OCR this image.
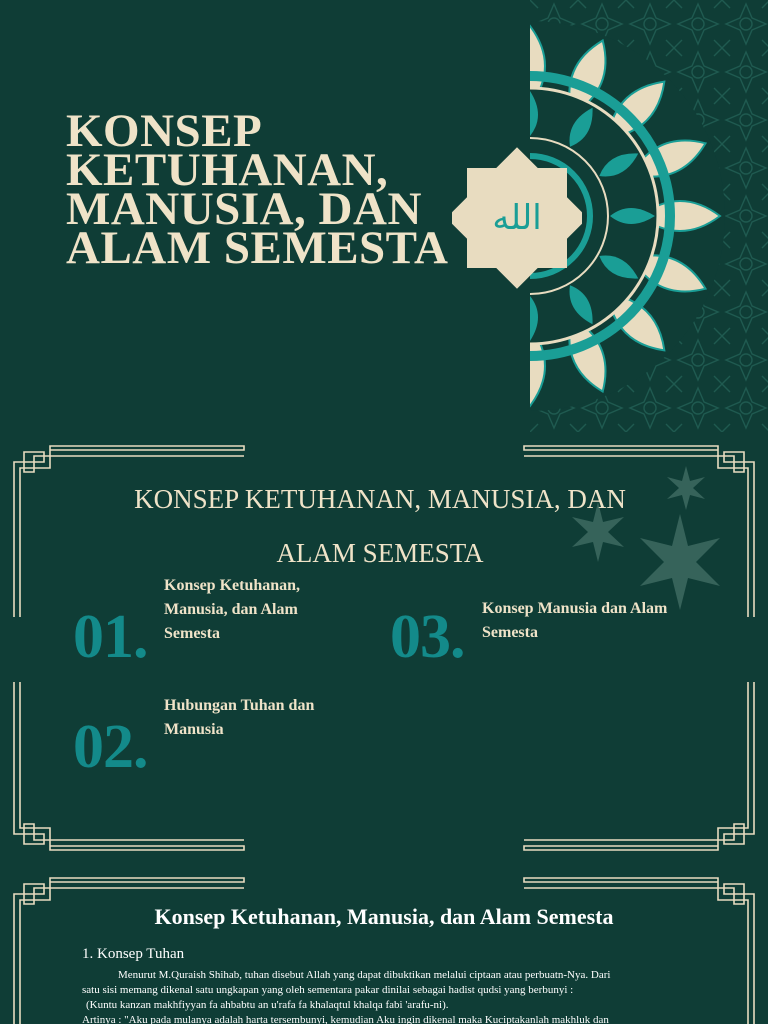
KONSEP
KETUHANAN,
MANUSIA, DAN
ALAM SEMESTA
الله
KONSEP KETUHANAN, MANUSIA, DAN
ALAM SEMESTA
01.
Konsep Ketuhanan, Manusia, dan Alam Semesta
02.
Hubungan Tuhan dan Manusia
03. Konsep Manusia dan Alam Semesta
Konsep Ketuhanan, Manusia, dan Alam Semesta
1. Konsep Tuhan
Menurut M.Quraish Shihab, tuhan disebut Allah yang dapat dibuktikan melalui ciptaan atau perbuatn-Nya. Dari
satu sisi memang dikenal satu ungkapan yang oleh sementara pakar dinilai sebagai hadist qudsi yang berbunyi :
(Kuntu kanzan makhfiyyan fa ahbabtu an u'rafa fa khalaqtul khalqa fabi 'arafu-ni).
Artinya : "Aku pada mulanya adalah harta tersembunyi, kemudian Aku ingin dikenal maka Kuciptakanlah makhluk dan
